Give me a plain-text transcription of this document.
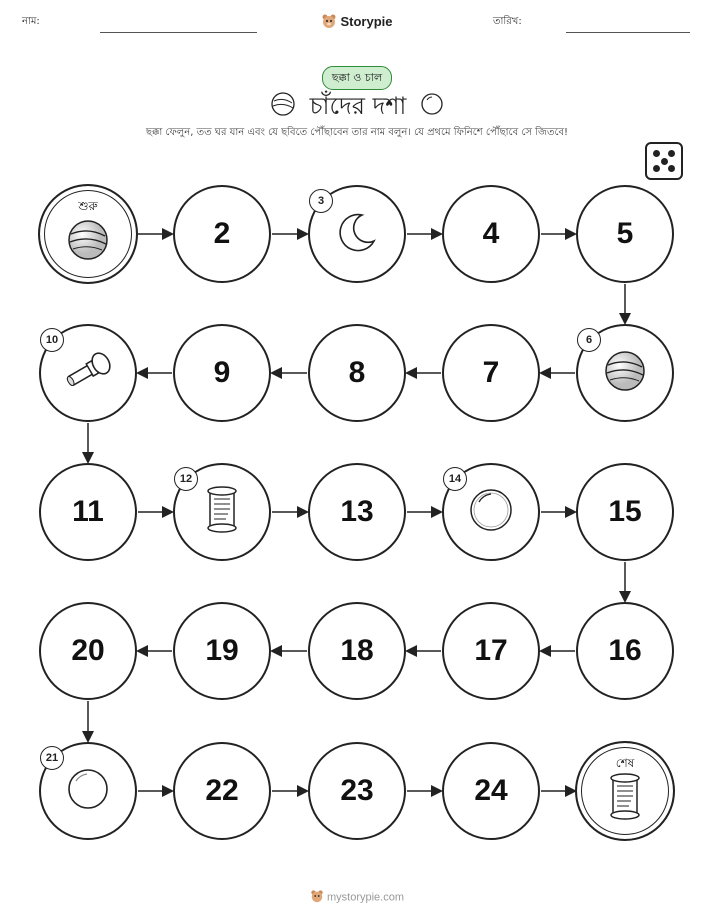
নাম:	Storypie	তারিখ:
ছক্কা ও চাল
চাঁদের দশা
ছক্কা ফেলুন, তত ঘর যান এবং যে ছবিতে পৌঁছাবেন তার নাম বলুন। যে প্রথমে ফিনিশে পৌঁছাবে সে জিতবে!
শুরু
2
3
4	5
6
7
8
9
10
11
12
13
14
15
16
17
18
19
20
21
22	23	24
শেষ
mystorypie.com
